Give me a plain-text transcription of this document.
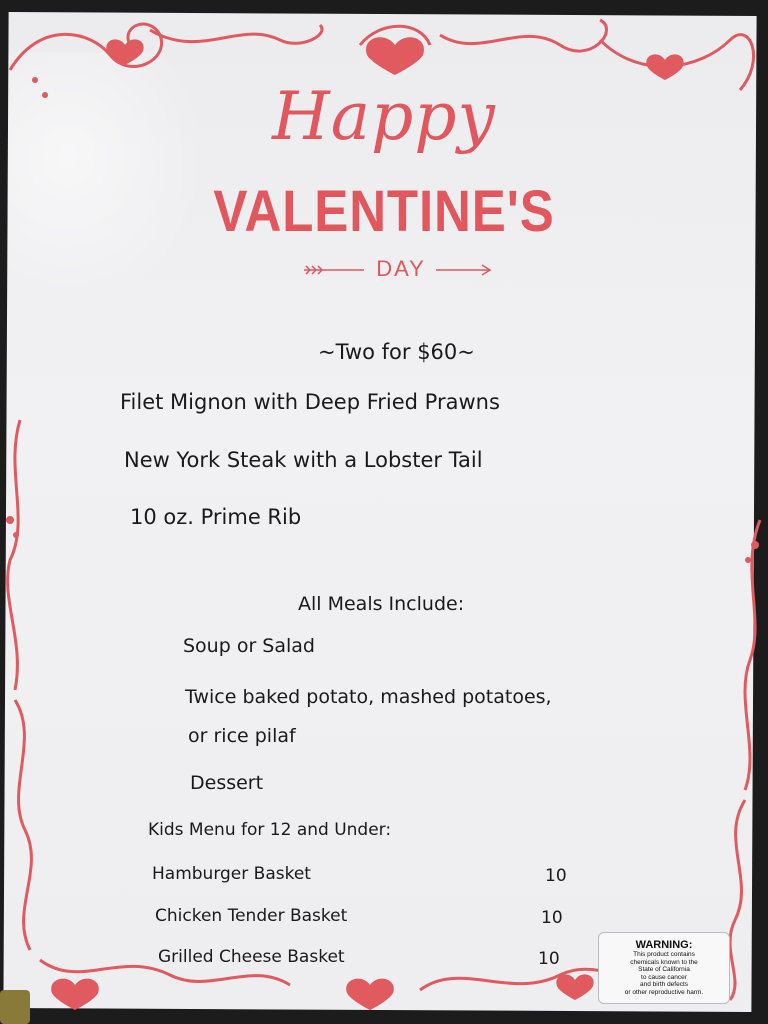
Happy
VALENTINE'S
DAY
~Two for $60~
Filet Mignon with Deep Fried Prawns
New York Steak with a Lobster Tail
10 oz. Prime Rib
All Meals Include:
Soup or Salad
Twice baked potato, mashed potatoes,
or rice pilaf
Dessert
Kids Menu for 12 and Under:
Hamburger Basket	10
Chicken Tender Basket	10
Grilled Cheese Basket	10
WARNING:
This product contains
chemicals known to the
State of California
to cause cancer
and birth defects
or other reproductive harm.
